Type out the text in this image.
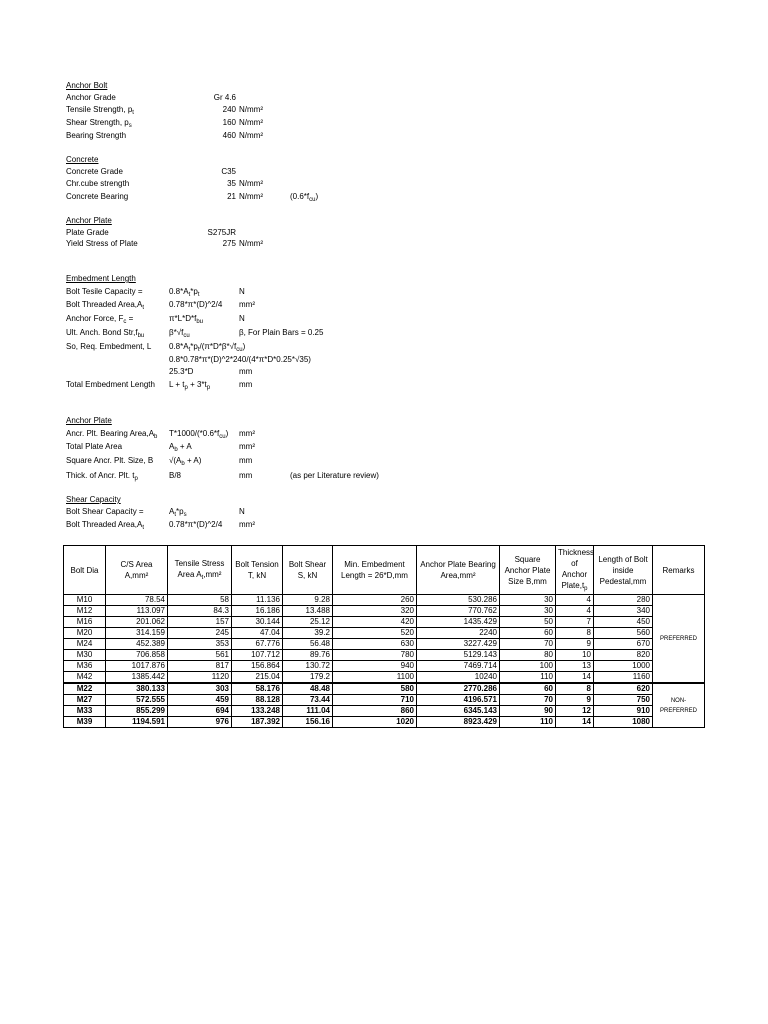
Anchor Bolt
Anchor Grade	Gr 4.6
Tensile Strength, $p_t$	240 N/mm²
Shear Strength, $p_s$	160 N/mm²
Bearing Strength	460 N/mm²
Concrete
Concrete Grade	C35
Chr.cube strength	35 N/mm²
Concrete Bearing	21 N/mm²	$(0.6*f_{cu})$
Anchor Plate
Plate Grade	S275JR
Yield Stress of Plate	275 N/mm²
Embedment Length
Bolt Tesile Capacity =	$0.8*A_t*p_t$	N
Bolt Threaded $Area,A_t$	0.78*π*(D)^2/4 mm²
Anchor Force, $F_c$ =	$\pi*L*D*f_{bu}$	N
Ult. Anch. Bond $Str,f_{bu}$	$\beta*√f_{cu}$	β, For Plain Bars = 0.25
So, Req. Embedment, L $0.8*A_t*p_t/(\pi*D*\beta*√f_{cu})$
0.8*0.78*π*(D)^2*240/(4*π*D*0.25*√35)
25.3*D	mm
Total Embedment Length $L + t_p + 3*t_p$	mm
Anchor Plate
Ancr. Plt. Bearing $Area,A_b$ $T*1000/(*0.6*f_{cu})$ mm²
Total Plate Area	$A_b + A$	mm²
Square Ancr. Plt. Size, B $√(A_b + A)$	mm
Thick. of Ancr. Plt. $t_p$	B/8	mm	(as per Literature review)
Shear Capacity
Bolt Shear Capacity =	$A_t*p_s$	N
Bolt Threaded $Area,A_t$	0.78*π*(D)^2/4 mm²
Bolt Dia	C/S Area A,mm²	Tensile Stress Area $A_t,mm^2$	Bolt Tension T, kN	Bolt Shear S, kN	Min. Embedment Length = 26*D,mm	Anchor Plate Bearing Area,mm²	Square Anchor Plate Size B,mm	Thickness of Anchor $Plate,t_p$	Length of Bolt inside Pedestal,mm	Remarks
M10	78.54	58	11.136	9.28	260	530.286	30	4	280	PREFERRED
M12	113.097	84.3	16.186	13.488	320	770.762	30	4	340	
M16	201.062	157	30.144	25.12	420	1435.429	50	7	450	
M20	314.159	245	47.04	39.2	520	2240	60	8	560	
M24	452.389	353	67.776	56.48	630	3227.429	70	9	670	
M30	706.858	561	107.712	89.76	780	5129.143	80	10	820	
M36	1017.876	817	156.864	130.72	940	7469.714	100	13	1000	
M42	1385.442	1120	215.04	179.2	1100	10240	110	14	1160	
M22	380.133	303	58.176	48.48	580	2770.286	60	8	620	NON-PREFERRED
M27	572.555	459	88.128	73.44	710	4196.571	70	9	750	
M33	855.299	694	133.248	111.04	860	6345.143	90	12	910	
M39	1194.591	976	187.392	156.16	1020	8923.429	110	14	1080	
